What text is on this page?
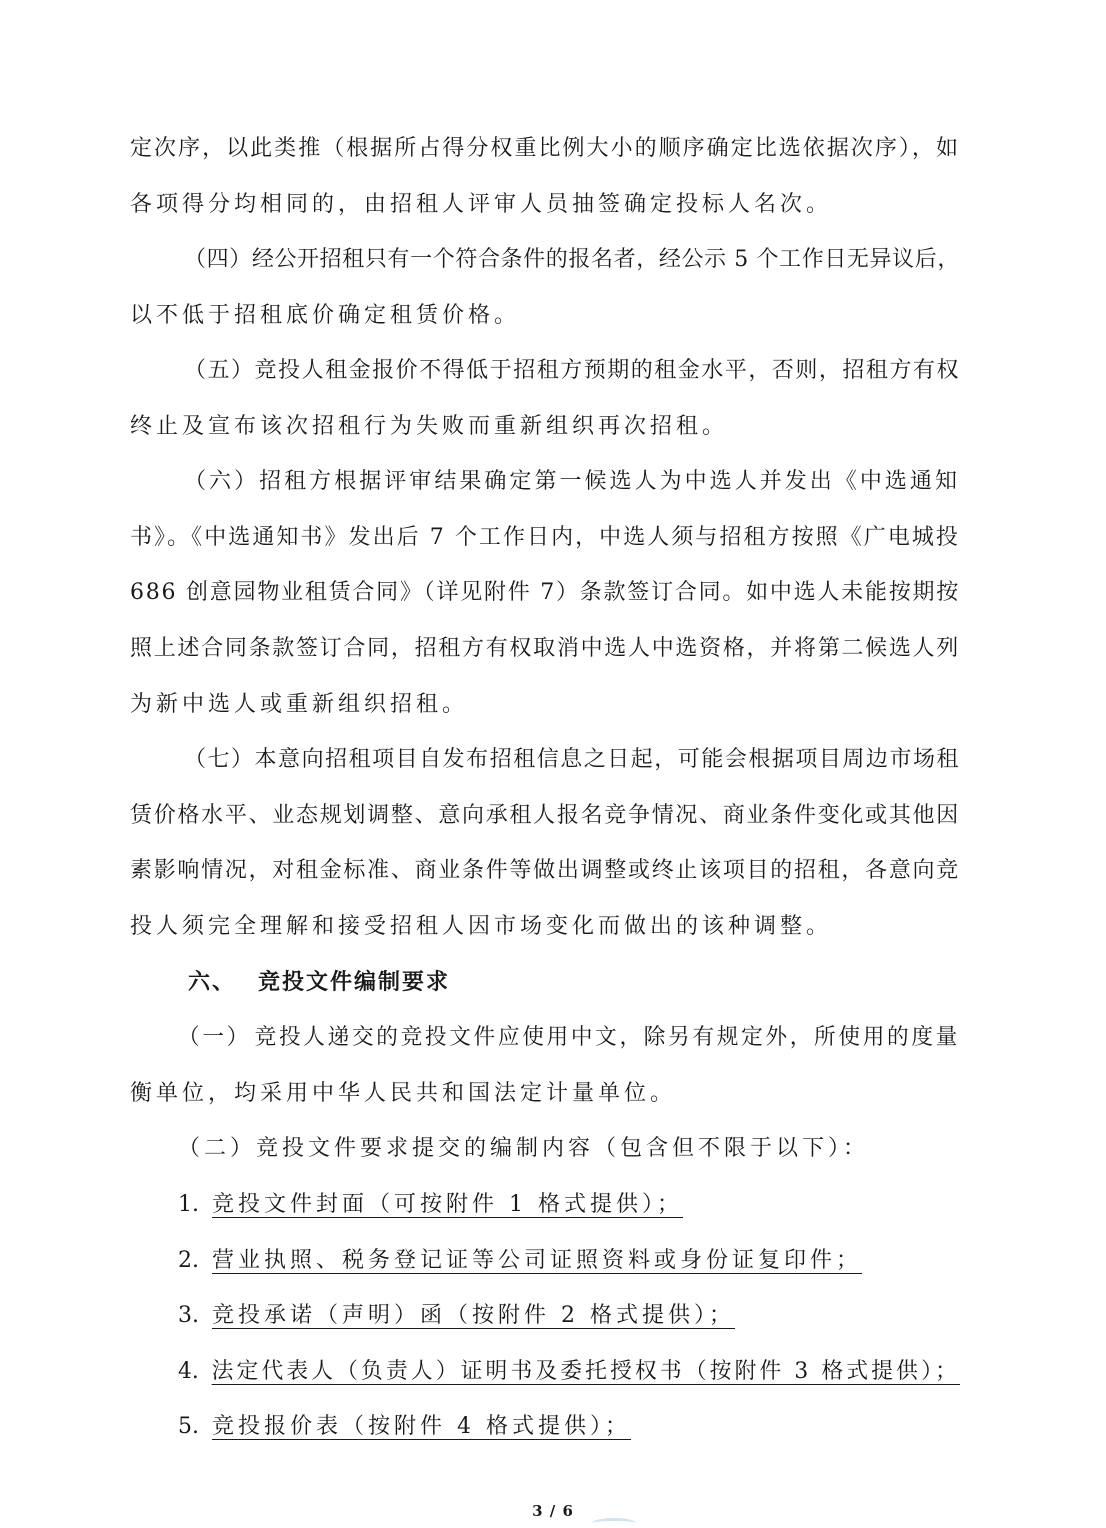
定次序，以此类推（根据所占得分权重比例大小的顺序确定比选依据次序），如
各项得分均相同的，由招租人评审人员抽签确定投标人名次。
（四）经公开招租只有一个符合条件的报名者，经公示 5 个工作日无异议后，
以不低于招租底价确定租赁价格。
（五）竞投人租金报价不得低于招租方预期的租金水平，否则，招租方有权
终止及宣布该次招租行为失败而重新组织再次招租。
（六）招租方根据评审结果确定第一候选人为中选人并发出《中选通知
书》。《中选通知书》发出后 7 个工作日内，中选人须与招租方按照《广电城投
686 创意园物业租赁合同》（详见附件 7）条款签订合同。如中选人未能按期按
照上述合同条款签订合同，招租方有权取消中选人中选资格，并将第二候选人列
为新中选人或重新组织招租。
（七）本意向招租项目自发布招租信息之日起，可能会根据项目周边市场租
赁价格水平、业态规划调整、意向承租人报名竞争情况、商业条件变化或其他因
素影响情况，对租金标准、商业条件等做出调整或终止该项目的招租，各意向竞
投人须完全理解和接受招租人因市场变化而做出的该种调整。
六、 竞投文件编制要求
（一） 竞投人递交的竞投文件应使用中文，除另有规定外，所使用的度量
衡单位，均采用中华人民共和国法定计量单位。
（二）竞投文件要求提交的编制内容（包含但不限于以下）：
1. 竞投文件封面（可按附件 1 格式提供）；
2. 营业执照、税务登记证等公司证照资料或身份证复印件；
3. 竞投承诺（声明）函（按附件 2 格式提供）；
4. 法定代表人（负责人）证明书及委托授权书（按附件 3 格式提供）；
5. 竞投报价表（按附件 4 格式提供）；
3 / 6
